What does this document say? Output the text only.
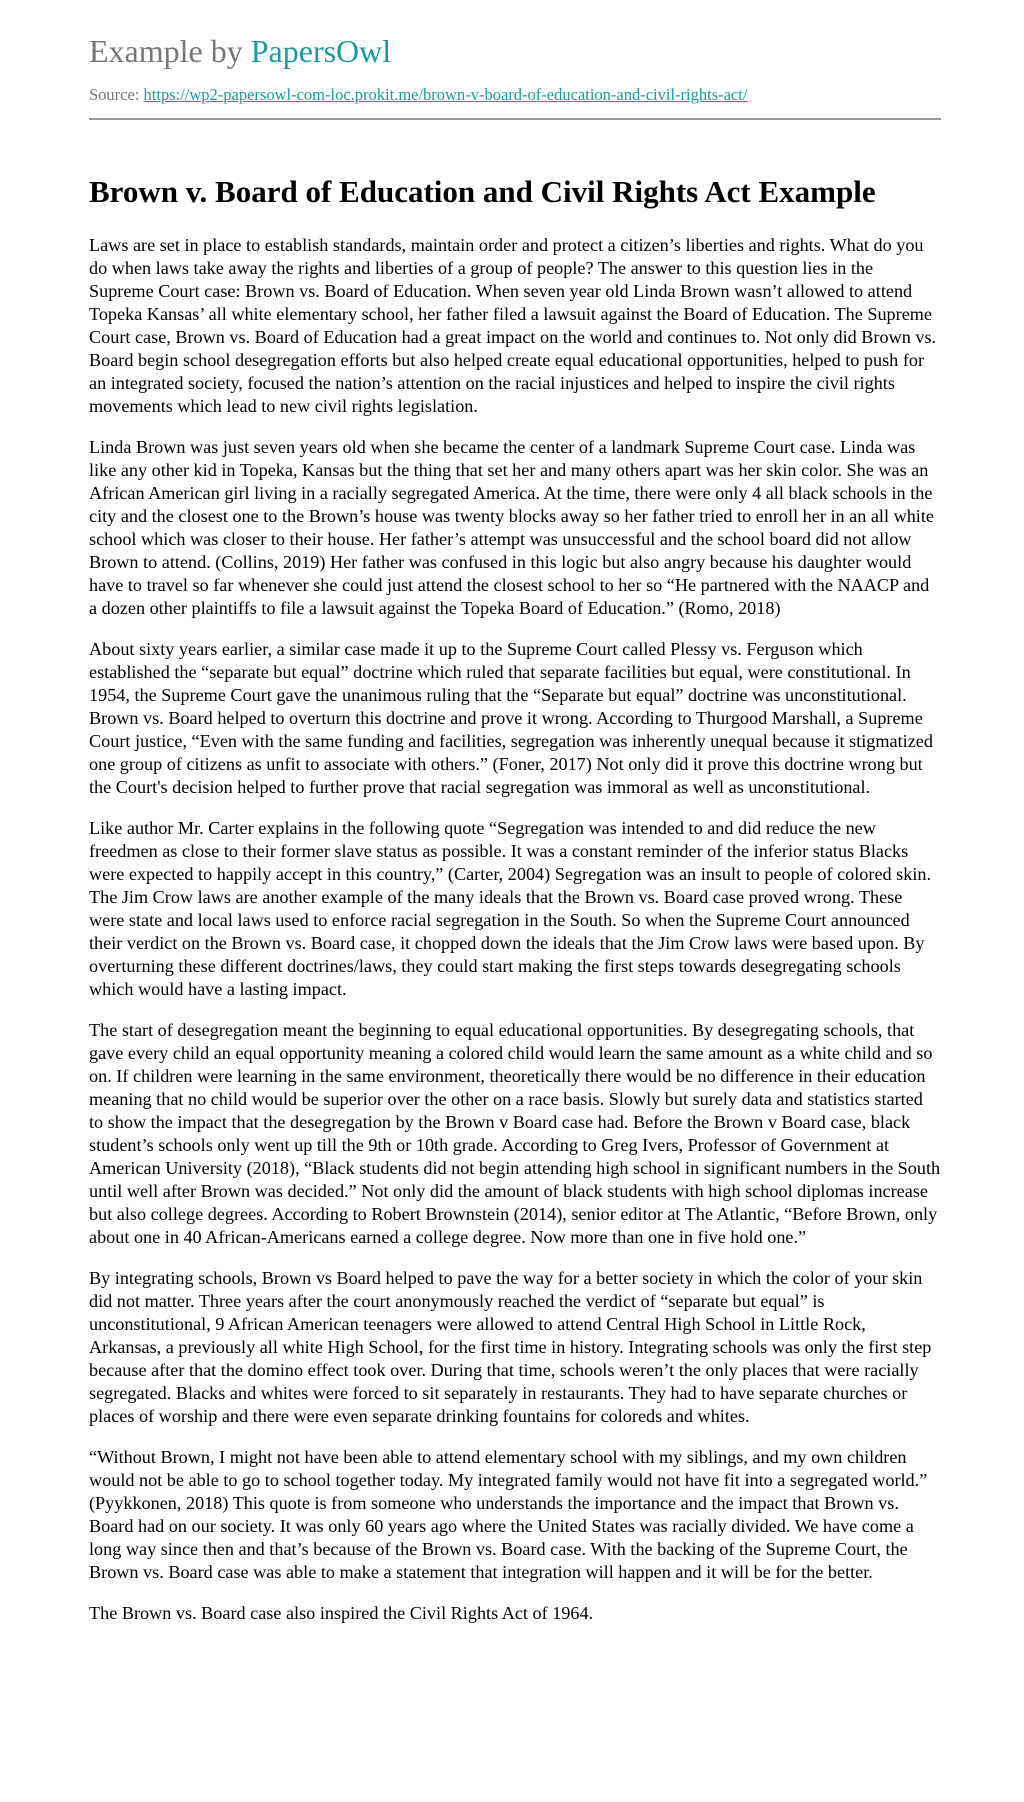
Example by PapersOwl
Source: https://wp2-papersowl-com-loc.prokit.me/brown-v-board-of-education-and-civil-rights-act/
Brown v. Board of Education and Civil Rights Act Example

Laws are set in place to establish standards, maintain order and protect a citizen’s liberties and rights. What do you do when laws take away the rights and liberties of a group of people? The answer to this question lies in the Supreme Court case: Brown vs. Board of Education. When seven year old Linda Brown wasn’t allowed to attend Topeka Kansas’ all white elementary school, her father filed a lawsuit against the Board of Education. The Supreme Court case, Brown vs. Board of Education had a great impact on the world and continues to. Not only did Brown vs. Board begin school desegregation efforts but also helped create equal educational opportunities, helped to push for an integrated society, focused the nation’s attention on the racial injustices and helped to inspire the civil rights movements which lead to new civil rights legislation.

Linda Brown was just seven years old when she became the center of a landmark Supreme Court case. Linda was like any other kid in Topeka, Kansas but the thing that set her and many others apart was her skin color. She was an African American girl living in a racially segregated America. At the time, there were only 4 all black schools in the city and the closest one to the Brown’s house was twenty blocks away so her father tried to enroll her in an all white school which was closer to their house. Her father’s attempt was unsuccessful and the school board did not allow Brown to attend. (Collins, 2019) Her father was confused in this logic but also angry because his daughter would have to travel so far whenever she could just attend the closest school to her so “He partnered with the NAACP and a dozen other plaintiffs to file a lawsuit against the Topeka Board of Education.” (Romo, 2018)

About sixty years earlier, a similar case made it up to the Supreme Court called Plessy vs. Ferguson which established the “separate but equal” doctrine which ruled that separate facilities but equal, were constitutional. In 1954, the Supreme Court gave the unanimous ruling that the “Separate but equal” doctrine was unconstitutional. Brown vs. Board helped to overturn this doctrine and prove it wrong. According to Thurgood Marshall, a Supreme Court justice, “Even with the same funding and facilities, segregation was inherently unequal because it stigmatized one group of citizens as unfit to associate with others.” (Foner, 2017) Not only did it prove this doctrine wrong but the Court's decision helped to further prove that racial segregation was immoral as well as unconstitutional.

Like author Mr. Carter explains in the following quote “Segregation was intended to and did reduce the new freedmen as close to their former slave status as possible. It was a constant reminder of the inferior status Blacks were expected to happily accept in this country,” (Carter, 2004) Segregation was an insult to people of colored skin. The Jim Crow laws are another example of the many ideals that the Brown vs. Board case proved wrong. These were state and local laws used to enforce racial segregation in the South. So when the Supreme Court announced their verdict on the Brown vs. Board case, it chopped down the ideals that the Jim Crow laws were based upon. By overturning these different doctrines/laws, they could start making the first steps towards desegregating schools which would have a lasting impact.

The start of desegregation meant the beginning to equal educational opportunities. By desegregating schools, that gave every child an equal opportunity meaning a colored child would learn the same amount as a white child and so on. If children were learning in the same environment, theoretically there would be no difference in their education meaning that no child would be superior over the other on a race basis. Slowly but surely data and statistics started to show the impact that the desegregation by the Brown v Board case had. Before the Brown v Board case, black student’s schools only went up till the 9th or 10th grade. According to Greg Ivers, Professor of Government at American University (2018), “Black students did not begin attending high school in significant numbers in the South until well after Brown was decided.” Not only did the amount of black students with high school diplomas increase but also college degrees. According to Robert Brownstein (2014), senior editor at The Atlantic, “Before Brown, only about one in 40 African-Americans earned a college degree. Now more than one in five hold one.”

By integrating schools, Brown vs Board helped to pave the way for a better society in which the color of your skin did not matter. Three years after the court anonymously reached the verdict of “separate but equal” is unconstitutional, 9 African American teenagers were allowed to attend Central High School in Little Rock, Arkansas, a previously all white High School, for the first time in history. Integrating schools was only the first step because after that the domino effect took over. During that time, schools weren’t the only places that were racially segregated. Blacks and whites were forced to sit separately in restaurants. They had to have separate churches or places of worship and there were even separate drinking fountains for coloreds and whites.

“Without Brown, I might not have been able to attend elementary school with my siblings, and my own children would not be able to go to school together today. My integrated family would not have fit into a segregated world.” (Pyykkonen, 2018) This quote is from someone who understands the importance and the impact that Brown vs. Board had on our society. It was only 60 years ago where the United States was racially divided. We have come a long way since then and that’s because of the Brown vs. Board case. With the backing of the Supreme Court, the Brown vs. Board case was able to make a statement that integration will happen and it will be for the better.

The Brown vs. Board case also inspired the Civil Rights Act of 1964.
